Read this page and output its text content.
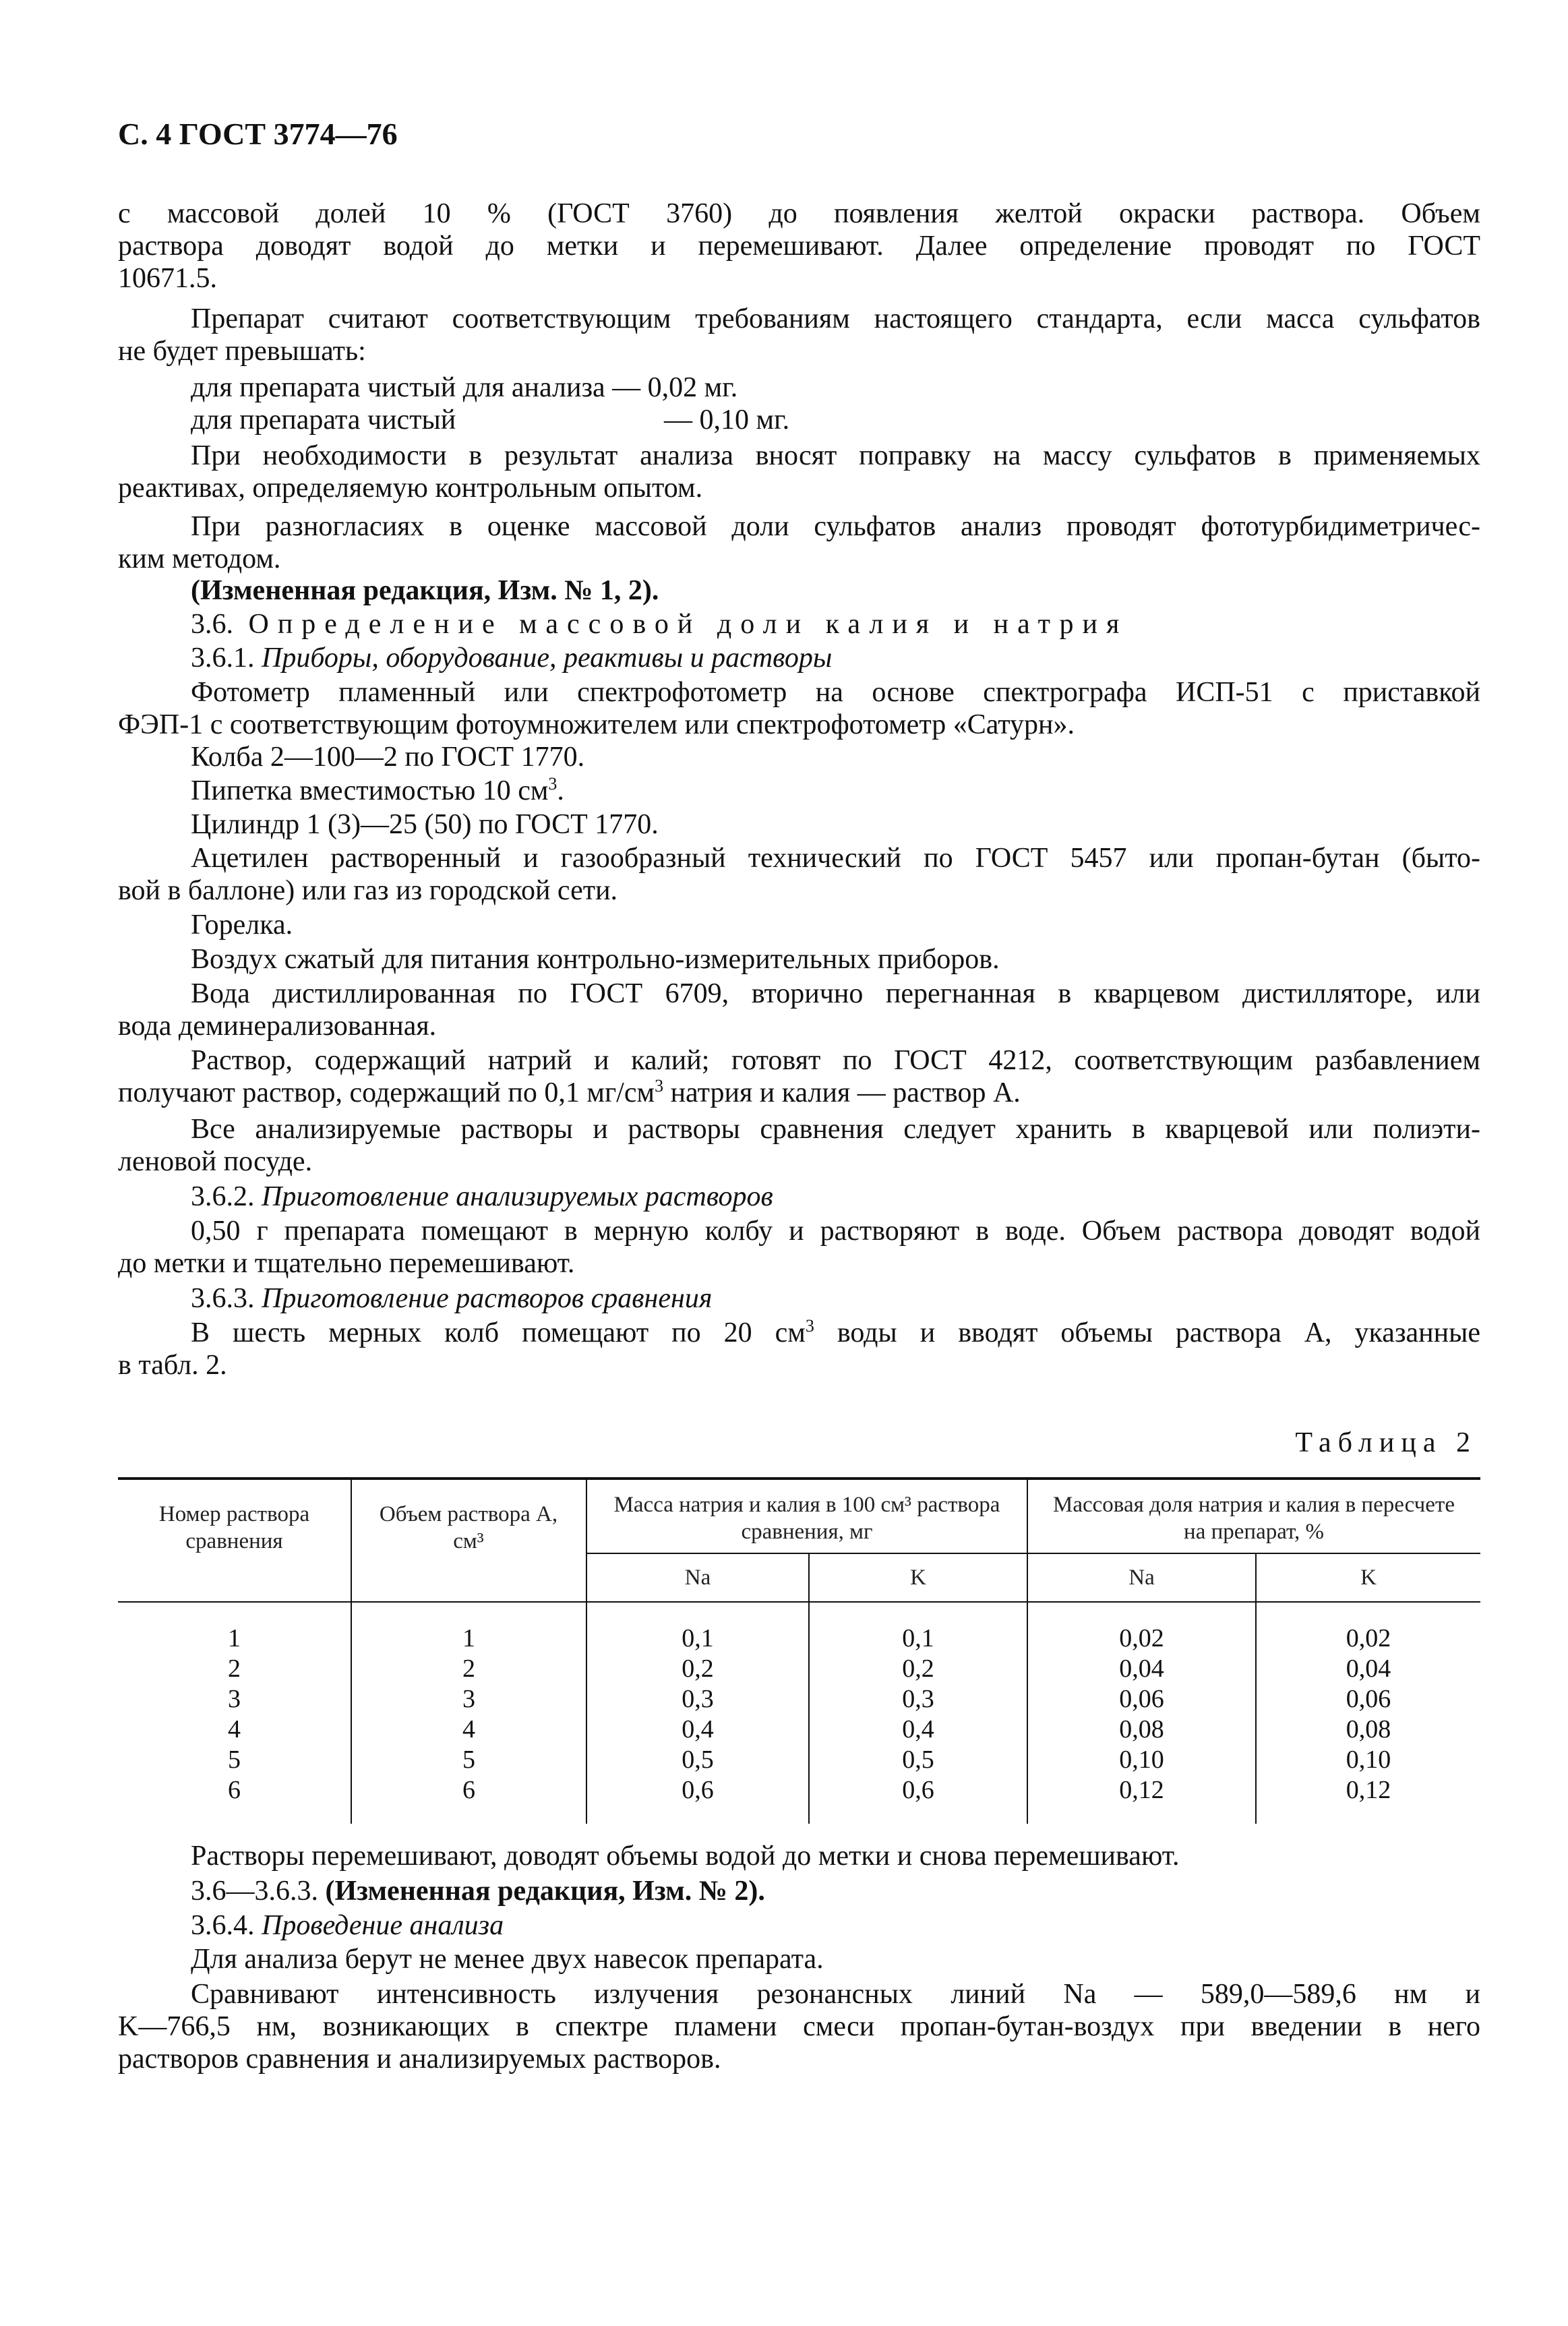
С. 4 ГОСТ 3774—76
с массовой долей 10 % (ГОСТ 3760) до появления желтой окраски раствора. Объем
раствора доводят водой до метки и перемешивают. Далее определение проводят по ГОСТ
10671.5.
Препарат считают соответствующим требованиям настоящего стандарта, если масса сульфатов
не будет превышать:
для препарата чистый для анализа — 0,02 мг.
для препарата чистый	— 0,10 мг.
При необходимости в результат анализа вносят поправку на массу сульфатов в применяемых
реактивах, определяемую контрольным опытом.
При разногласиях в оценке массовой доли сульфатов анализ проводят фототурбидиметричес-
ким методом.
(Измененная редакция, Изм. № 1, 2).
3.6.1. Приборы, оборудование, реактивы и растворы
Фотометр пламенный или спектрофотометр на основе спектрографа ИСП-51 с приставкой
ФЭП-1 с соответствующим фотоумножителем или спектрофотометр «Сатурн».
Колба 2—100—2 по ГОСТ 1770.
Цилиндр 1 (3)—25 (50) по ГОСТ 1770.
Ацетилен растворенный и газообразный технический по ГОСТ 5457 или пропан-бутан (быто-
вой в баллоне) или газ из городской сети.
Горелка.
Воздух сжатый для питания контрольно-измерительных приборов.
Вода дистиллированная по ГОСТ 6709, вторично перегнанная в кварцевом дистилляторе, или
вода деминерализованная.
Раствор, содержащий натрий и калий; готовят по ГОСТ 4212, соответствующим разбавлением
Все анализируемые растворы и растворы сравнения следует хранить в кварцевой или полиэти-
леновой посуде.
3.6.2. Приготовление анализируемых растворов
0,50 г препарата помещают в мерную колбу и растворяют в воде. Объем раствора доводят водой
до метки и тщательно перемешивают.
3.6.3. Приготовление растворов сравнения
в табл. 2.
Растворы перемешивают, доводят объемы водой до метки и снова перемешивают.
3.6—3.6.3. (Измененная редакция, Изм. № 2).
3.6.4. Проведение анализа
Для анализа берут не менее двух навесок препарата.
Сравнивают интенсивность излучения резонансных линий Na — 589,0—589,6 нм и
K—766,5 нм, возникающих в спектре пламени смеси пропан-бутан-воздух при введении в него
растворов сравнения и анализируемых растворов.
3.6. Определение массовой доли калия и натрия
Пипетка вместимостью 10 $см^3$.
получают раствор, содержащий по 0,1 $мг/см^3$ натрия и калия — раствор А.
В шесть мерных колб помещают по 20 $см^3$ воды и вводят объемы раствора А, указанные
Таблица 2
Номер раствора сравнения
Объем раствора А,
см³
Масса натрия и калия в 100 см³ раствора сравнения, мг
Массовая доля натрия и калия в пересчете на препарат, %
Na	K	Na	K
1	1	0,1	0,1	0,02	0,02
2	2	0,2	0,2	0,04	0,04
3	3	0,3	0,3	0,06	0,06
4	4	0,4	0,4	0,08	0,08
5	5	0,5	0,5	0,10	0,10
6	6	0,6	0,6	0,12	0,12
